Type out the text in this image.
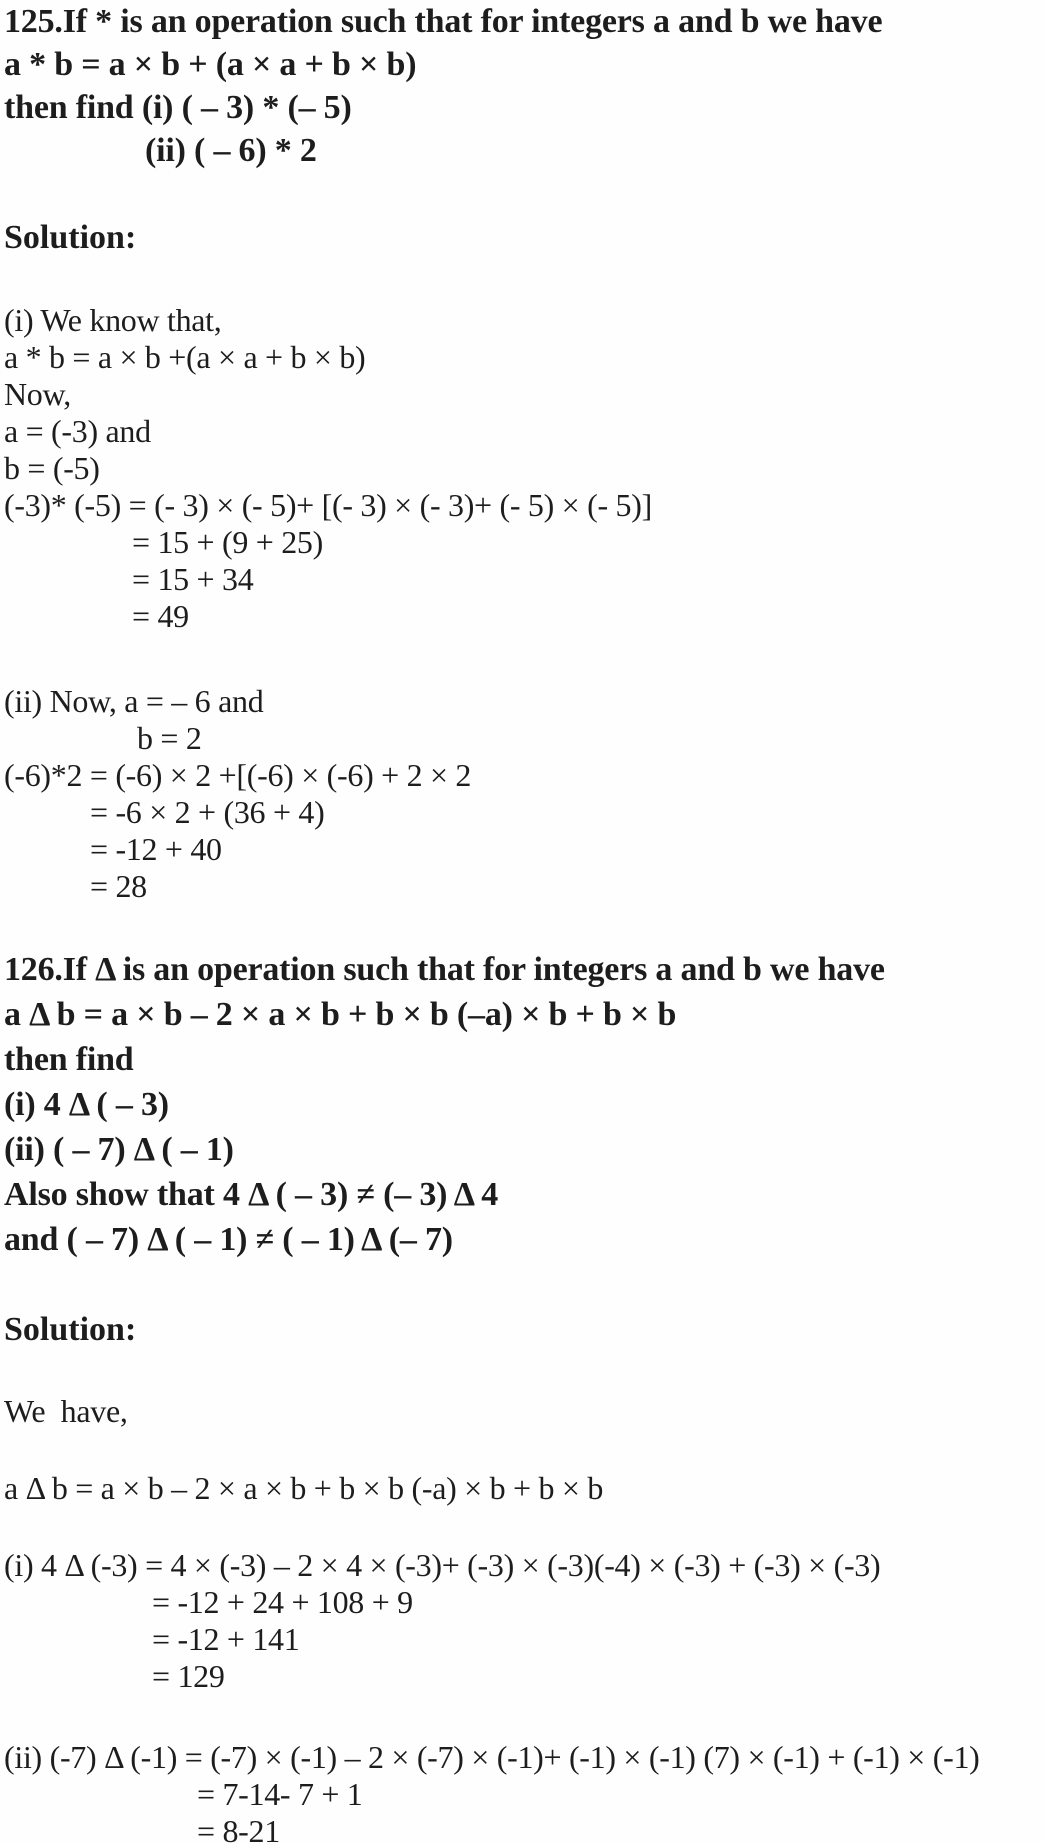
125.If * is an operation such that for integers a and b we have
a * b = a × b + (a × a + b × b)
then find (i) ( – 3) * (– 5)
(ii) ( – 6) * 2
Solution:
(i) We know that,
a * b = a × b +(a × a + b × b)
Now,
a = (-3) and
b = (-5)
(-3)* (-5) = (- 3) × (- 5)+ [(- 3) × (- 3)+ (- 5) × (- 5)]
= 15 + (9 + 25)
= 15 + 34
= 49
(ii) Now, a = – 6 and
b = 2
(-6)*2 = (-6) × 2 +[(-6) × (-6) + 2 × 2
= -6 × 2 + (36 + 4)
= -12 + 40
= 28
126.If Δ is an operation such that for integers a and b we have
a Δ b = a × b – 2 × a × b + b × b (–a) × b + b × b
then find
(i) 4 Δ ( – 3)
(ii) ( – 7) Δ ( – 1)
Also show that 4 Δ ( – 3) ≠ (– 3) Δ 4
and ( – 7) Δ ( – 1) ≠ ( – 1) Δ (– 7)
Solution:
We  have,
a Δ b = a × b – 2 × a × b + b × b (-a) × b + b × b
(i) 4 Δ (-3) = 4 × (-3) – 2 × 4 × (-3)+ (-3) × (-3)(-4) × (-3) + (-3) × (-3)
= -12 + 24 + 108 + 9
= -12 + 141
= 129
(ii) (-7) Δ (-1) = (-7) × (-1) – 2 × (-7) × (-1)+ (-1) × (-1) (7) × (-1) + (-1) × (-1)
= 7-14- 7 + 1
= 8-21
